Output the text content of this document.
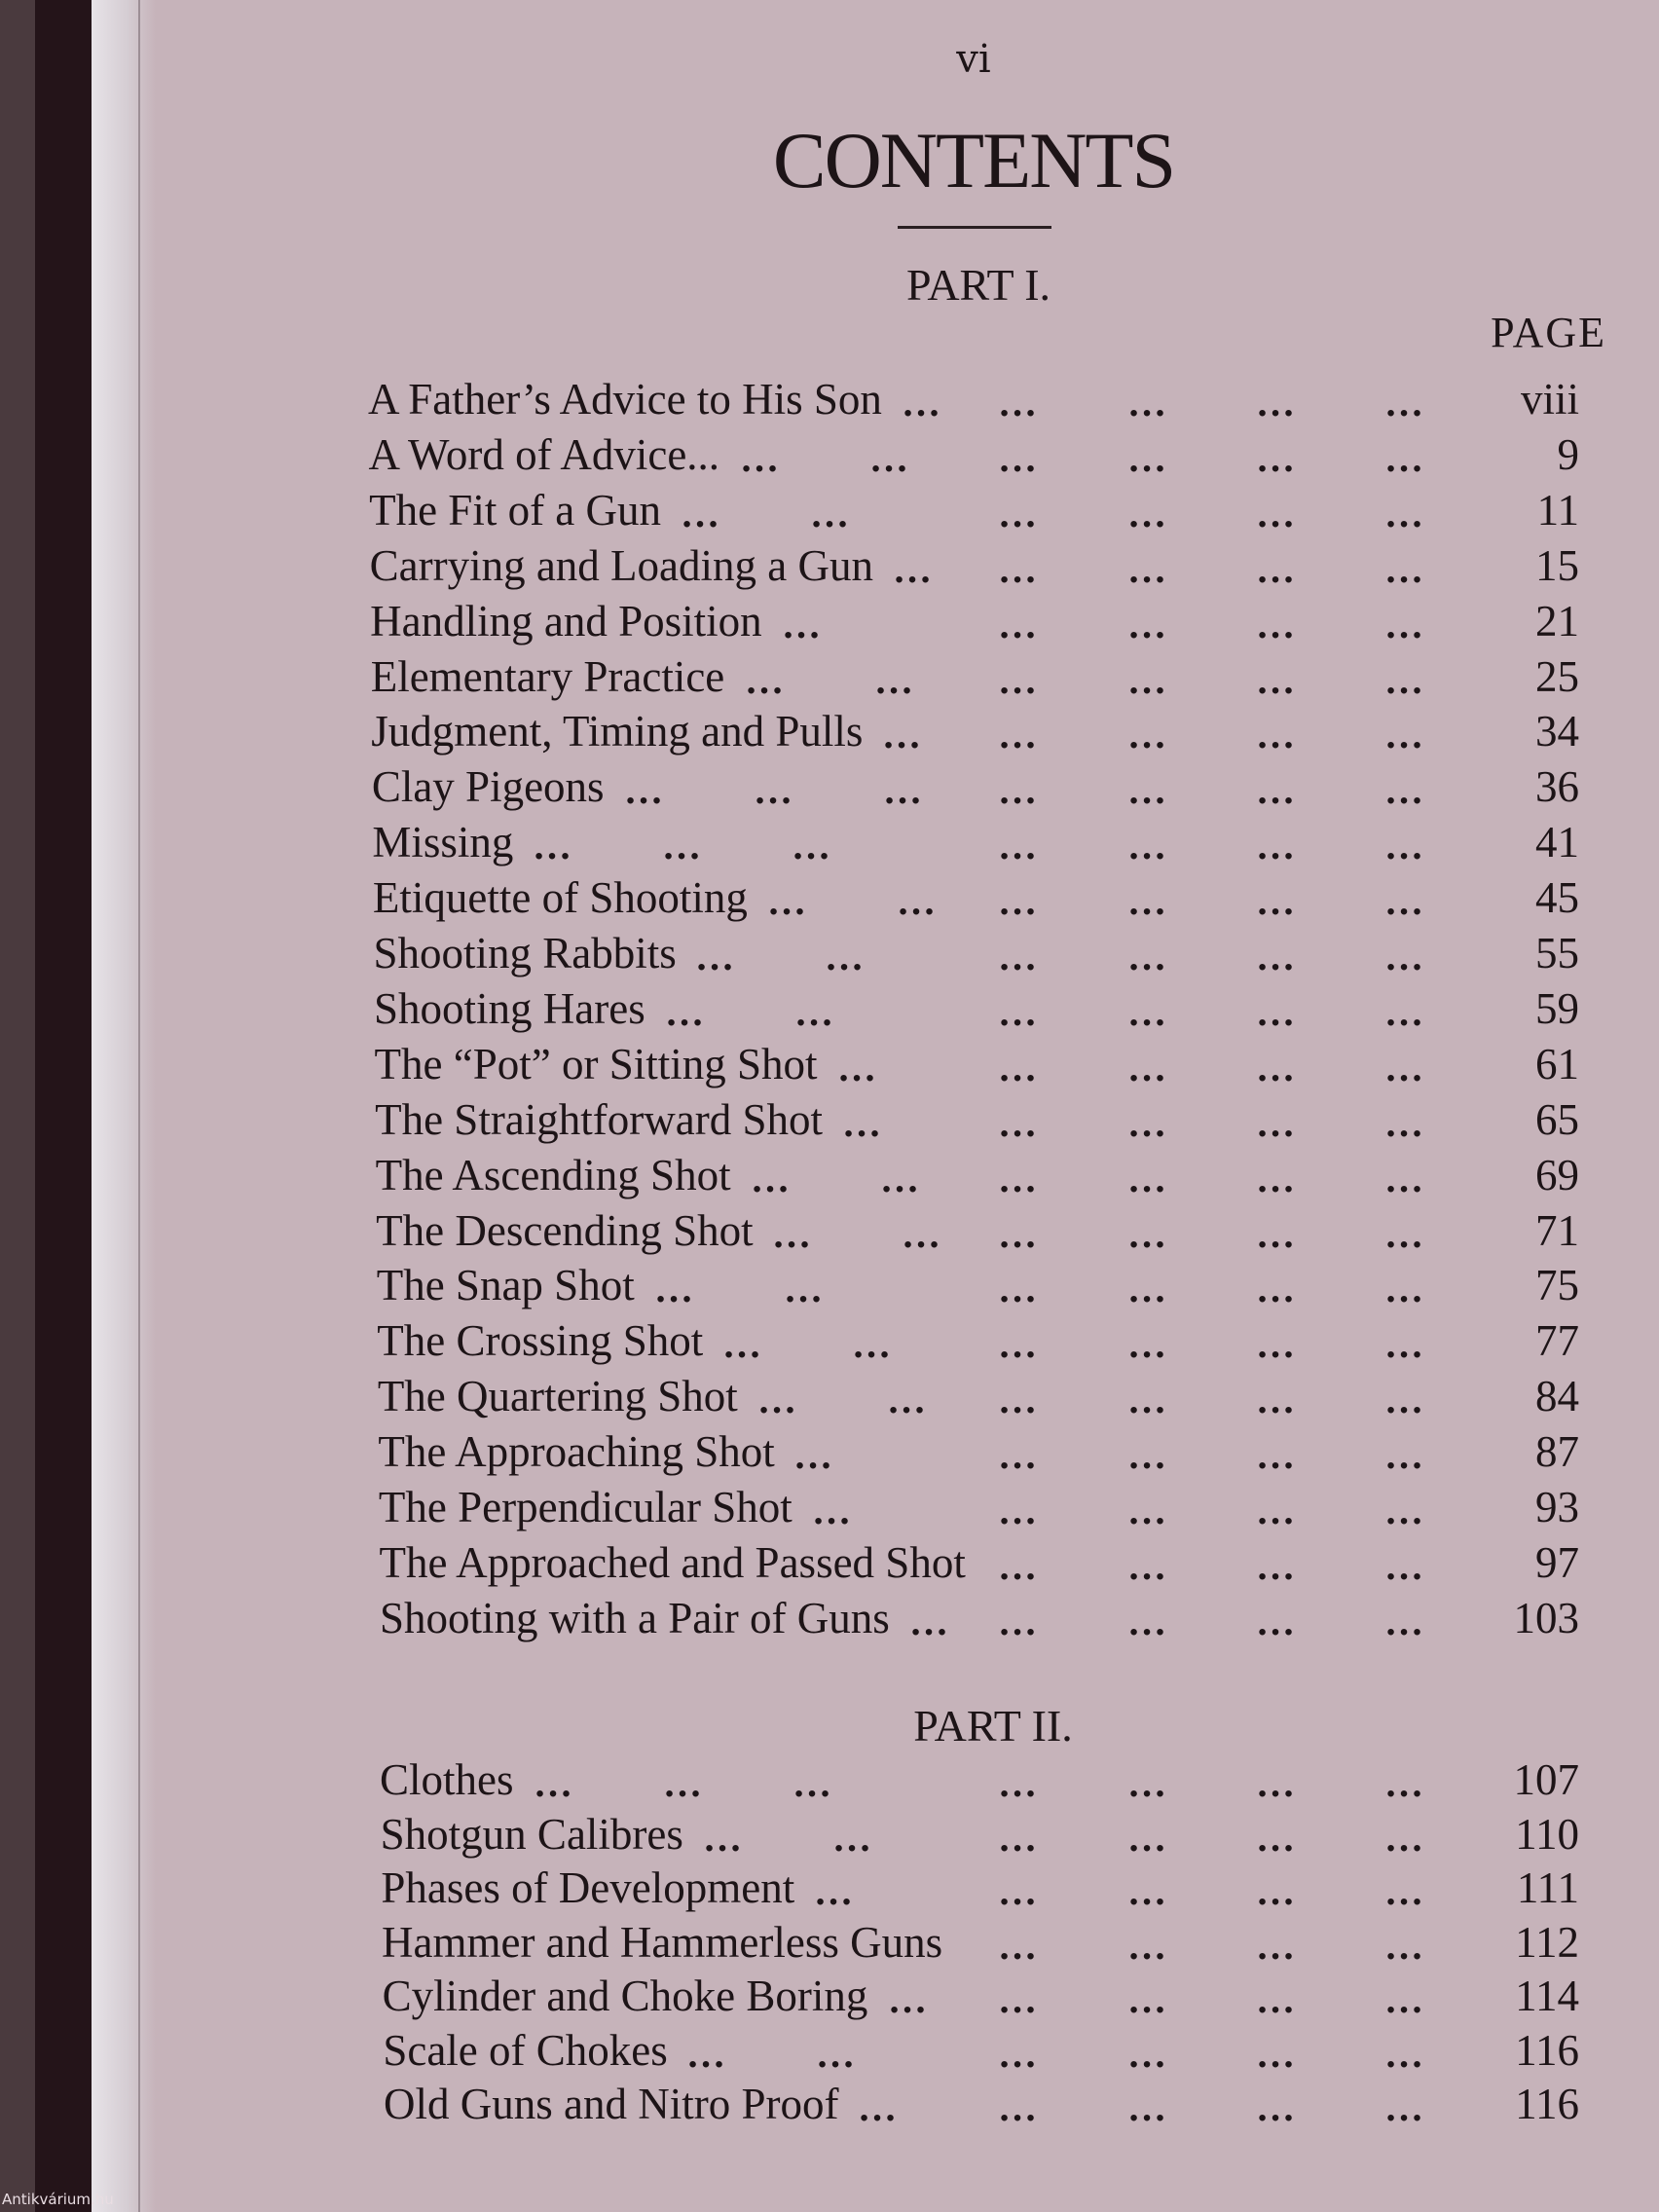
vi
CONTENTS
PART I.
PAGE
PART II.
A Father’s Advice to His Son	viii
… … … … …
A Word of Advice...	9
… … … … … …
The Fit of a Gun	11
… …	… … … …
Carrying and Loading a Gun	15
… … … … …
Handling and Position	21
…	… … … …
Elementary Practice	25
… … … … … …
Judgment, Timing and Pulls	34
… … … … …
Clay Pigeons	36
… … … … … … …
Missing	41
… … …	… … … …
Etiquette of Shooting	45
… … … … … …
Shooting Rabbits	55
… …	… … … …
Shooting Hares	59
… …	… … … …
The “Pot” or Sitting Shot	61
…	… … … …
The Straightforward Shot	65
…	… … … …
The Ascending Shot	69
… … … … … …
The Descending Shot	71
… … … … … …
The Snap Shot	75
… …	… … … …
The Crossing Shot	77
… …	… … … …
The Quartering Shot	84
… … … … … …
The Approaching Shot	87
…	… … … …
The Perpendicular Shot	93
…	… … … …
The Approached and Passed Shot	97
… … … …
Shooting with a Pair of Guns	103
… … … … …
Clothes	107
… … …	… … … …
Shotgun Calibres	110
… …	… … … …
Phases of Development	111
…	… … … …
Hammer and Hammerless Guns	112
… … … …
Cylinder and Choke Boring	114
… … … … …
Scale of Chokes	116
… …	… … … …
Old Guns and Nitro Proof	116
…	… … … …
Antikvárium.hu
